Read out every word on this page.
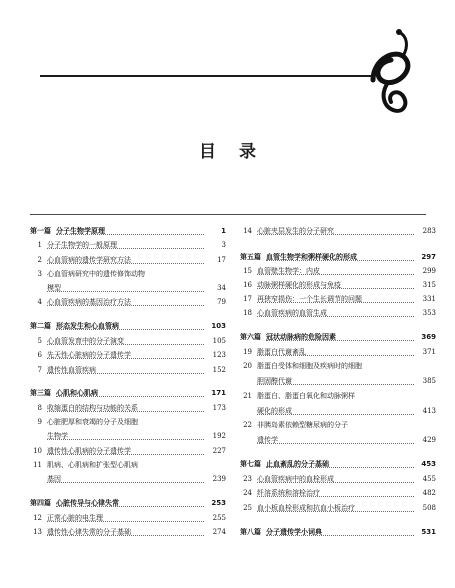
目 录
第一篇 分子生物学原理	1
1 分子生物学的一般原理	3
2 心血管病的遗传学研究方法	17
3 心血管病研究中的遗传修饰动物
模型	34
4 心血管疾病的基因治疗方法	79
第二篇 形态发生和心血管病	103
5 心血管发育中的分子演变	105
6 先天性心脏病的分子遗传学	123
7 遗传性血管疾病	152
第三篇 心肌和心肌病	171
8 收缩蛋白的结构与功能的关系	173
9 心脏肥厚和衰竭的分子及细胞
生物学	192
10 遗传性心肌病的分子遗传学	227
11 肌病、心肌病和扩张型心肌病
基因	239
第四篇 心脏传导与心律失常	253
12 正常心脏的电生理	255
13 遗传性心律失常的分子基础	274
14 心脏夹层发生的分子研究	283
第五篇 血管生物学和粥样硬化的形成	297
15 血管壁生物学：内皮	299
16 动脉粥样硬化的形成与免疫	315
17 再狭窄损伤：一个生长调节的问题	331
18 心血管疾病的血管生成	353
第六篇 冠状动脉病的危险因素	369
19 脂蛋白代谢紊乱	371
20 脂蛋白受体和细胞及疾病时的细胞
胆固醇代谢	385
21 脂蛋白、脂蛋白氧化和动脉粥样
硬化的形成	413
22 非胰岛素依赖型糖尿病的分子
遗传学	429
第七篇 止血紊乱的分子基础	453
23 心血管疾病中的血栓形成	455
24 纤溶系统和溶栓治疗	482
25 血小板血栓形成和抗血小板治疗	508
第八篇 分子遗传学小词典	531
